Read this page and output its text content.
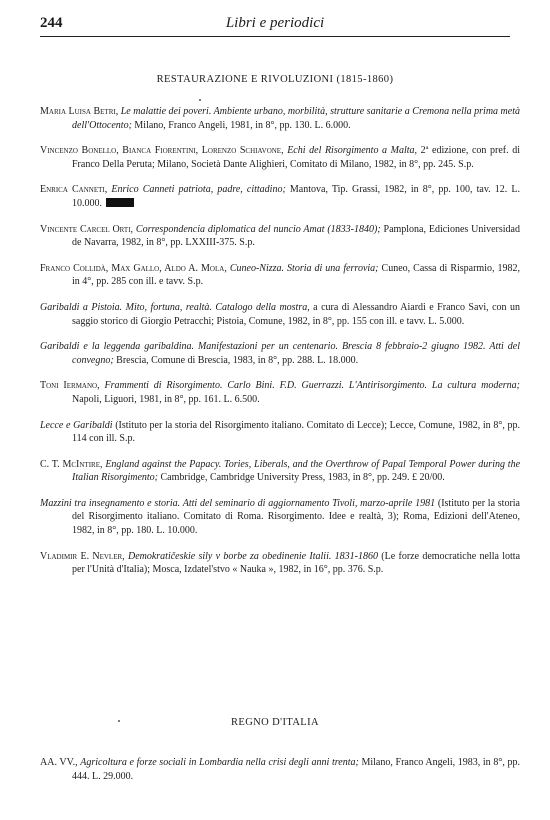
244	Libri e periodici
RESTAURAZIONE E RIVOLUZIONI (1815-1860)

Maria Luisa Betri, Le malattie dei poveri. Ambiente urbano, morbilità, strutture sanitarie a Cremona nella prima metà dell'Ottocento; Milano, Franco Angeli, 1981, in 8°, pp. 130. L. 6.000.

Vincenzo Bonello, Bianca Fiorentini, Lorenzo Schiavone, Echi del Risorgimento a Malta, 2ª edizione, con pref. di Franco Della Peruta; Milano, Società Dante Alighieri, Comitato di Milano, 1982, in 8°, pp. 245. S.p.

Enrica Canneti, Enrico Canneti patriota, padre, cittadino; Mantova, Tip. Grassi, 1982, in 8°, pp. 100, tav. 12. L. 10.000.

Vincente Carcel Orti, Correspondencia diplomatica del nuncio Amat (1833-1840); Pamplona, Ediciones Universidad de Navarra, 1982, in 8°, pp. LXXIII-375. S.p.

Franco Collidà, Max Gallo, Aldo A. Mola, Cuneo-Nizza. Storia di una ferrovia; Cuneo, Cassa di Risparmio, 1982, in 4°, pp. 285 con ill. e tavv. S.p.

Garibaldi a Pistoia. Mito, fortuna, realtà. Catalogo della mostra, a cura di Alessandro Aiardi e Franco Savi, con un saggio storico di Giorgio Petracchi; Pistoia, Comune, 1982, in 8°, pp. 155 con ill. e tavv. L. 5.000.

Garibaldi e la leggenda garibaldina. Manifestazioni per un centenario. Brescia 8 febbraio-2 giugno 1982. Atti del convegno; Brescia, Comune di Brescia, 1983, in 8°, pp. 288. L. 18.000.

Toni Iermano, Frammenti di Risorgimento. Carlo Bini. F.D. Guerrazzi. L'Antirisorgimento. La cultura moderna; Napoli, Liguori, 1981, in 8°, pp. 161. L. 6.500.

Lecce e Garibaldi (Istituto per la storia del Risorgimento italiano. Comitato di Lecce); Lecce, Comune, 1982, in 8°, pp. 114 con ill. S.p.

C. T. McIntire, England against the Papacy. Tories, Liberals, and the Overthrow of Papal Temporal Power during the Italian Risorgimento; Cambridge, Cambridge University Press, 1983, in 8°, pp. 249. £ 20/00.

Mazzini tra insegnamento e storia. Atti del seminario di aggiornamento Tivoli, marzo-aprile 1981 (Istituto per la storia del Risorgimento italiano. Comitato di Roma. Risorgimento. Idee e realtà, 3); Roma, Edizioni dell'Ateneo, 1982, in 8°, pp. 180. L. 10.000.

Vladimir E. Nevler, Demokratičeskie sily v borbe za obedinenie Italii. 1831-1860 (Le forze democratiche nella lotta per l'Unità d'Italia); Mosca, Izdatel'stvo « Nauka », 1982, in 16°, pp. 376. S.p.

REGNO D'ITALIA

AA. VV., Agricoltura e forze sociali in Lombardia nella crisi degli anni trenta; Milano, Franco Angeli, 1983, in 8°, pp. 444. L. 29.000.
